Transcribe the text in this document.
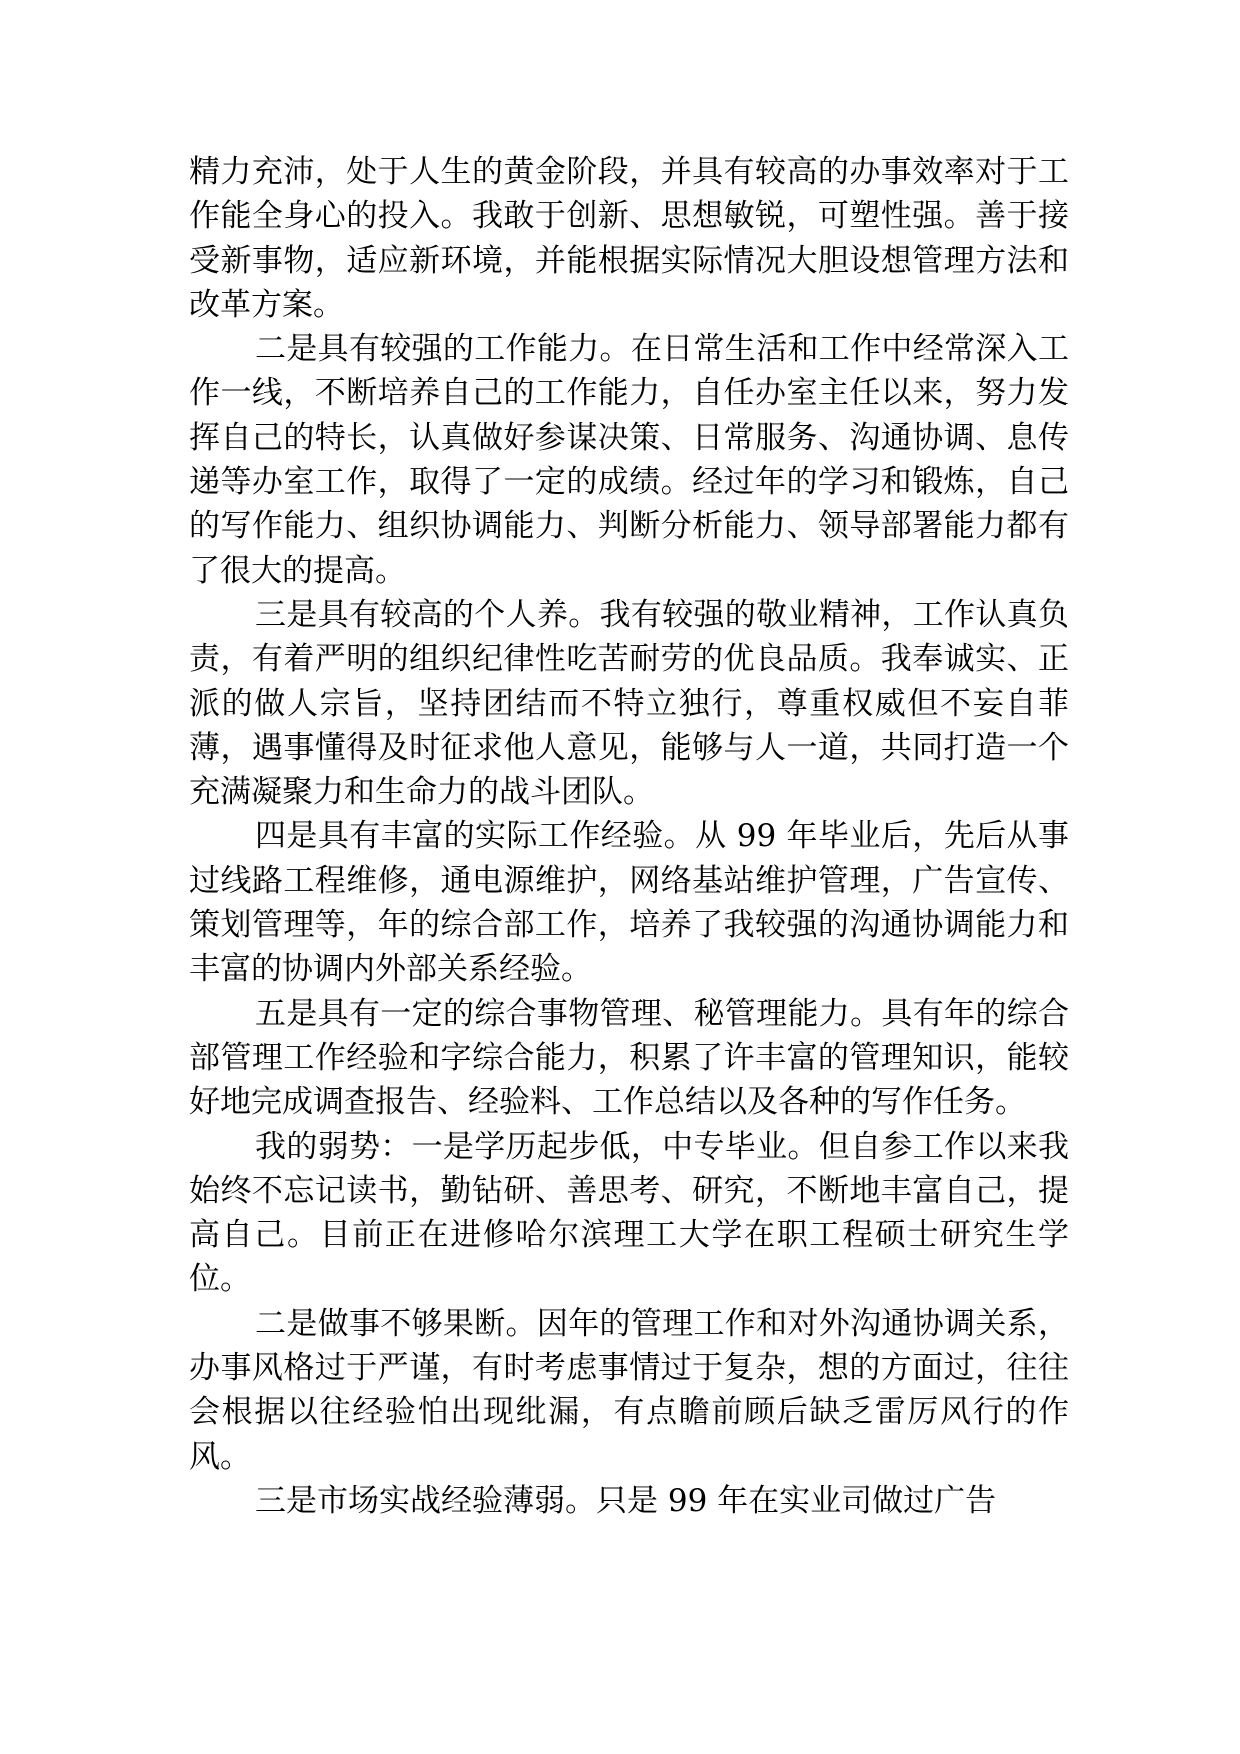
精力充沛，处于人生的黄金阶段，并具有较高的办事效率对于工作能全身心的投入。我敢于创新、思想敏锐，可塑性强。善于接受新事物，适应新环境，并能根据实际情况大胆设想管理方法和改革方案。

二是具有较强的工作能力。在日常生活和工作中经常深入工作一线，不断培养自己的工作能力，自任办室主任以来，努力发挥自己的特长，认真做好参谋决策、日常服务、沟通协调、息传递等办室工作，取得了一定的成绩。经过年的学习和锻炼，自己的写作能力、组织协调能力、判断分析能力、领导部署能力都有了很大的提高。

三是具有较高的个人养。我有较强的敬业精神，工作认真负责，有着严明的组织纪律性吃苦耐劳的优良品质。我奉诚实、正派的做人宗旨，坚持团结而不特立独行，尊重权威但不妄自菲薄，遇事懂得及时征求他人意见，能够与人一道，共同打造一个充满凝聚力和生命力的战斗团队。

四是具有丰富的实际工作经验。从 99 年毕业后，先后从事过线路工程维修，通电源维护，网络基站维护管理，广告宣传、策划管理等，年的综合部工作，培养了我较强的沟通协调能力和丰富的协调内外部关系经验。

五是具有一定的综合事物管理、秘管理能力。具有年的综合部管理工作经验和字综合能力，积累了许丰富的管理知识，能较好地完成调查报告、经验料、工作总结以及各种的写作任务。

我的弱势：一是学历起步低，中专毕业。但自参工作以来我始终不忘记读书，勤钻研、善思考、研究，不断地丰富自己，提高自己。目前正在进修哈尔滨理工大学在职工程硕士研究生学位。

二是做事不够果断。因年的管理工作和对外沟通协调关系，办事风格过于严谨，有时考虑事情过于复杂，想的方面过，往往会根据以往经验怕出现纰漏，有点瞻前顾后缺乏雷厉风行的作风。

三是市场实战经验薄弱。只是 99 年在实业司做过广告
